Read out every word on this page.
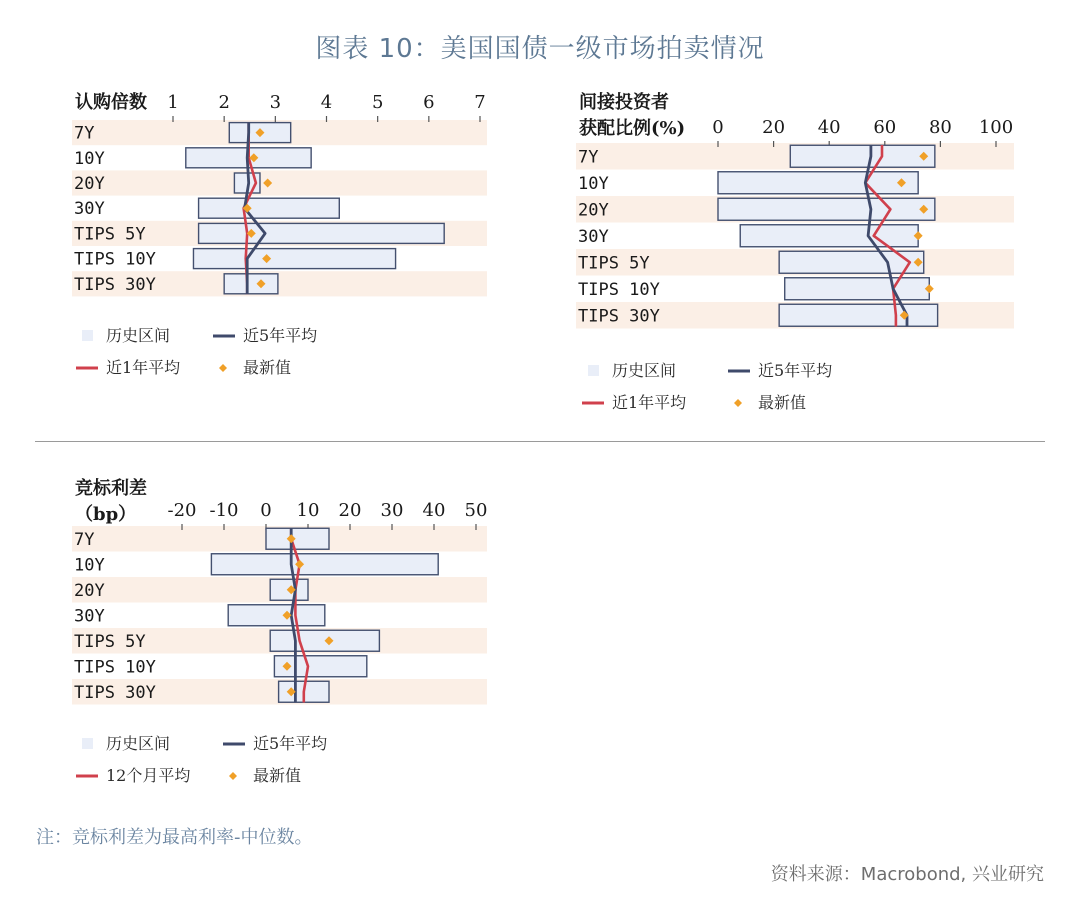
图表 10：美国国债一级市场拍卖情况
认购倍数 1 2 3 4 5 6 7
7Y
10Y
20Y
30Y
TIPS 5Y
TIPS 10Y
TIPS 30Y
历史区间	近5年平均
近1年平均	最新值
间接投资者
获配比例(%) 0 20 40 60 80 100
7Y
10Y
20Y
30Y
TIPS 5Y
TIPS 10Y
TIPS 30Y
历史区间	近5年平均
近1年平均	最新值
竞标利差
（bp） -20 -10 0 10 20 30 40 50
7Y
10Y
20Y
30Y
TIPS 5Y
TIPS 10Y
TIPS 30Y
历史区间	近5年平均
12个月平均	最新值
注：竞标利差为最高利率-中位数。
资料来源：Macrobond, 兴业研究
